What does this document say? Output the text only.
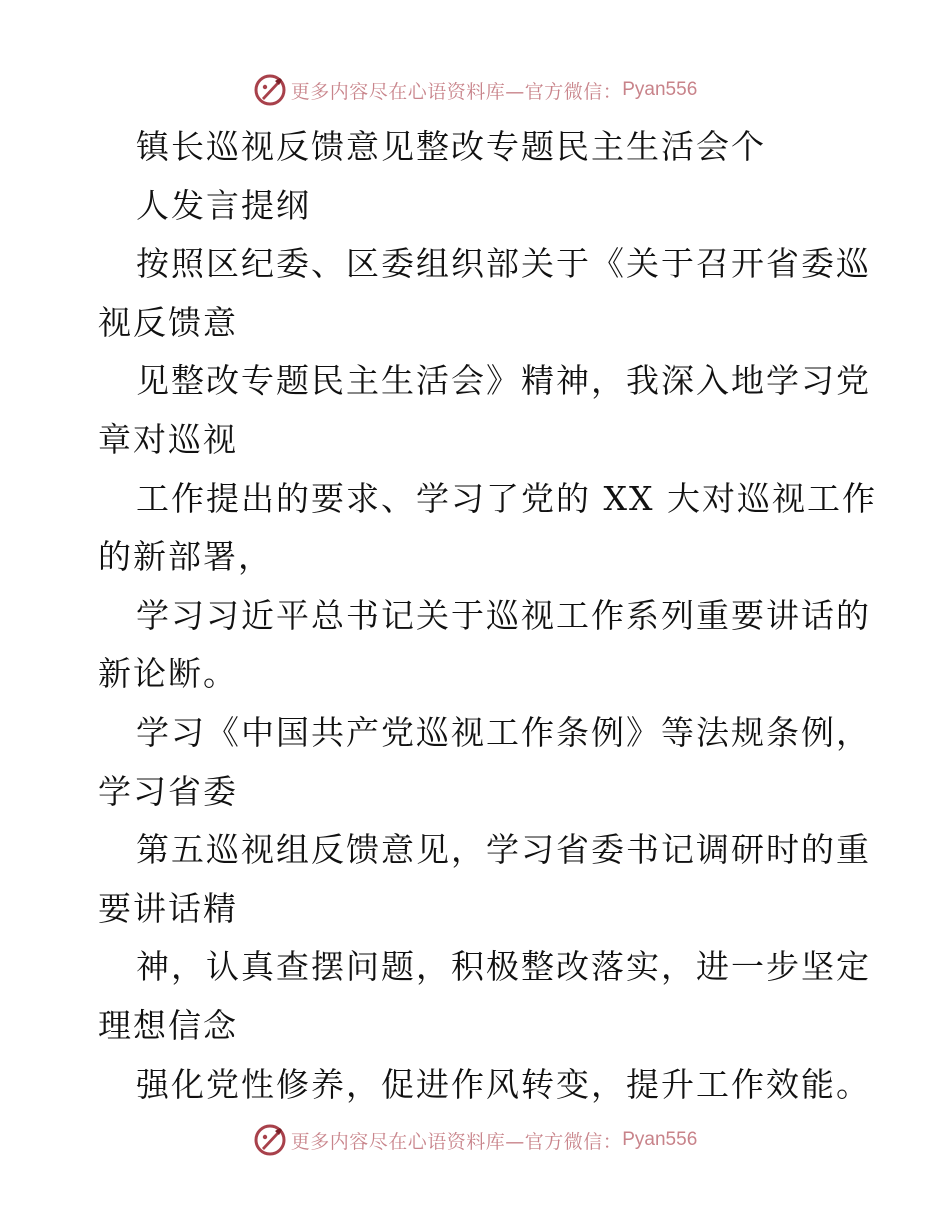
更多内容尽在心语资料库—官方微信： Pyan556
镇长巡视反馈意见整改专题民主生活会个
人发言提纲
按照区纪委、区委组织部关于《关于召开省委巡
视反馈意
见整改专题民主生活会》精神，我深入地学习党
章对巡视
工作提出的要求、学习了党的 XX 大对巡视工作
的新部署，
学习习近平总书记关于巡视工作系列重要讲话的
新论断。
学习《中国共产党巡视工作条例》等法规条例，
学习省委
第五巡视组反馈意见，学习省委书记调研时的重
要讲话精
神，认真查摆问题，积极整改落实，进一步坚定
理想信念
强化党性修养，促进作风转变，提升工作效能。
更多内容尽在心语资料库—官方微信： Pyan556
